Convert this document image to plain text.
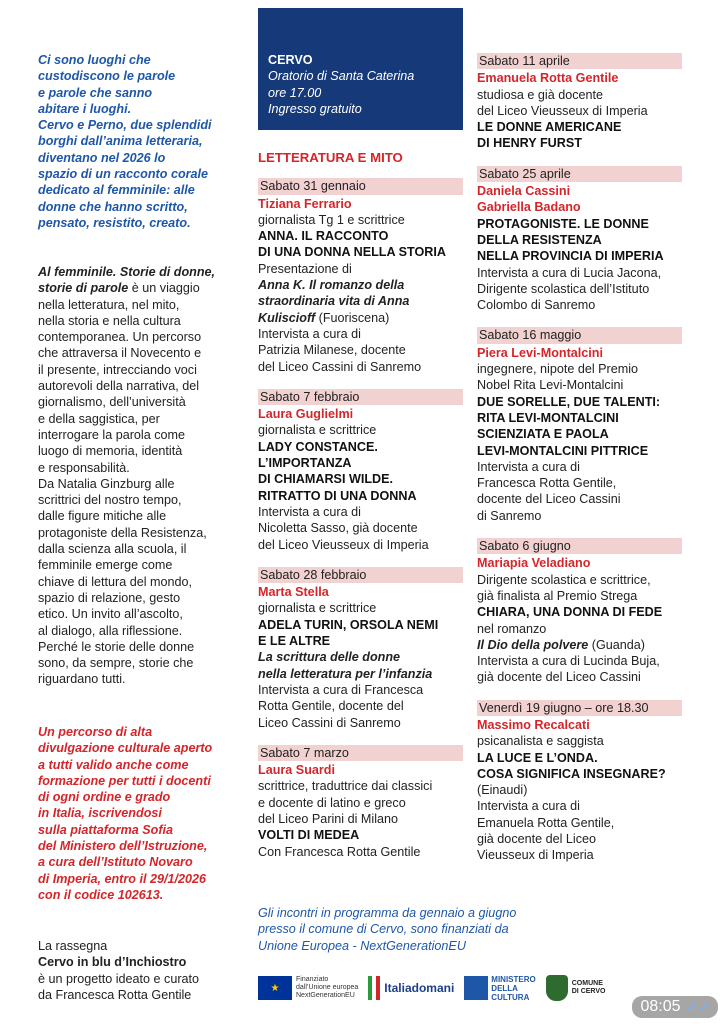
Ci sono luoghi che
custodiscono le parole
e parole che sanno
abitare i luoghi.
Cervo e Perno, due splendidi
borghi dall’anima letteraria,
diventano nel 2026 lo
spazio di un racconto corale
dedicato al femminile: alle
donne che hanno scritto,
pensato, resistito, creato.
Al femminile. Storie di donne,
storie di parole è un viaggio
nella letteratura, nel mito,
nella storia e nella cultura
contemporanea. Un percorso
che attraversa il Novecento e
il presente, intrecciando voci
autorevoli della narrativa, del
giornalismo, dell’università
e della saggistica, per
interrogare la parola come
luogo di memoria, identità
e responsabilità.
Da Natalia Ginzburg alle
scrittrici del nostro tempo,
dalle figure mitiche alle
protagoniste della Resistenza,
dalla scienza alla scuola, il
femminile emerge come
chiave di lettura del mondo,
spazio di relazione, gesto
etico. Un invito all’ascolto,
al dialogo, alla riflessione.
Perché le storie delle donne
sono, da sempre, storie che
riguardano tutti.
Un percorso di alta
divulgazione culturale aperto
a tutti valido anche come
formazione per tutti i docenti
di ogni ordine e grado
in Italia, iscrivendosi
sulla piattaforma Sofia
del Ministero dell’Istruzione,
a cura dell’Istituto Novaro
di Imperia, entro il 29/1/2026
con il codice 102613.
La rassegna
Cervo in blu d’Inchiostro
è un progetto ideato e curato
da Francesca Rotta Gentile
CERVO
Oratorio di Santa Caterina
ore 17.00
Ingresso gratuito
LETTERATURA E MITO
Sabato 31 gennaio
Tiziana Ferrario
giornalista Tg 1 e scrittrice
ANNA. IL RACCONTO
DI UNA DONNA NELLA STORIA
Presentazione di
Anna K. Il romanzo della
straordinaria vita di Anna
Kuliscioff (Fuoriscena)
Intervista a cura di
Patrizia Milanese, docente
del Liceo Cassini di Sanremo
Sabato 7 febbraio
Laura Guglielmi
giornalista e scrittrice
LADY CONSTANCE.
L’IMPORTANZA
DI CHIAMARSI WILDE.
RITRATTO DI UNA DONNA
Intervista a cura di
Nicoletta Sasso, già docente
del Liceo Vieusseux di Imperia
Sabato 28 febbraio
Marta Stella
giornalista e scrittrice
ADELA TURIN, ORSOLA NEMI
E LE ALTRE
La scrittura delle donne
nella letteratura per l’infanzia
Intervista a cura di Francesca
Rotta Gentile, docente del
Liceo Cassini di Sanremo
Sabato 7 marzo
Laura Suardi
scrittrice, traduttrice dai classici
e docente di latino e greco
del Liceo Parini di Milano
VOLTI DI MEDEA
Con Francesca Rotta Gentile
Sabato 11 aprile
Emanuela Rotta Gentile
studiosa e già docente
del Liceo Vieusseux di Imperia
LE DONNE AMERICANE
DI HENRY FURST
Sabato 25 aprile
Daniela Cassini
Gabriella Badano
PROTAGONISTE. LE DONNE
DELLA RESISTENZA
NELLA PROVINCIA DI IMPERIA
Intervista a cura di Lucia Jacona,
Dirigente scolastica dell’Istituto
Colombo di Sanremo
Sabato 16 maggio
Piera Levi-Montalcini
ingegnere, nipote del Premio
Nobel Rita Levi-Montalcini
DUE SORELLE, DUE TALENTI:
RITA LEVI-MONTALCINI
SCIENZIATA E PAOLA
LEVI-MONTALCINI PITTRICE
Intervista a cura di
Francesca Rotta Gentile,
docente del Liceo Cassini
di Sanremo
Sabato 6 giugno
Mariapia Veladiano
Dirigente scolastica e scrittrice,
già finalista al Premio Strega
CHIARA, UNA DONNA DI FEDE
nel romanzo
Il Dio della polvere (Guanda)
Intervista a cura di Lucinda Buja,
già docente del Liceo Cassini
Venerdì 19 giugno – ore 18.30
Massimo Recalcati
psicanalista e saggista
LA LUCE E L’ONDA.
COSA SIGNIFICA INSEGNARE?
(Einaudi)
Intervista a cura di
Emanuela Rotta Gentile,
già docente del Liceo
Vieusseux di Imperia
Gli incontri in programma da gennaio a giugno
presso il comune di Cervo, sono finanziati da
Unione Europea - NextGenerationEU
★
Finanziato
dall’Unione europea
NextGenerationEU
Italiadomani
MINISTERO
DELLA
CULTURA
COMUNE
DI CERVO
08:05 ✓✓
